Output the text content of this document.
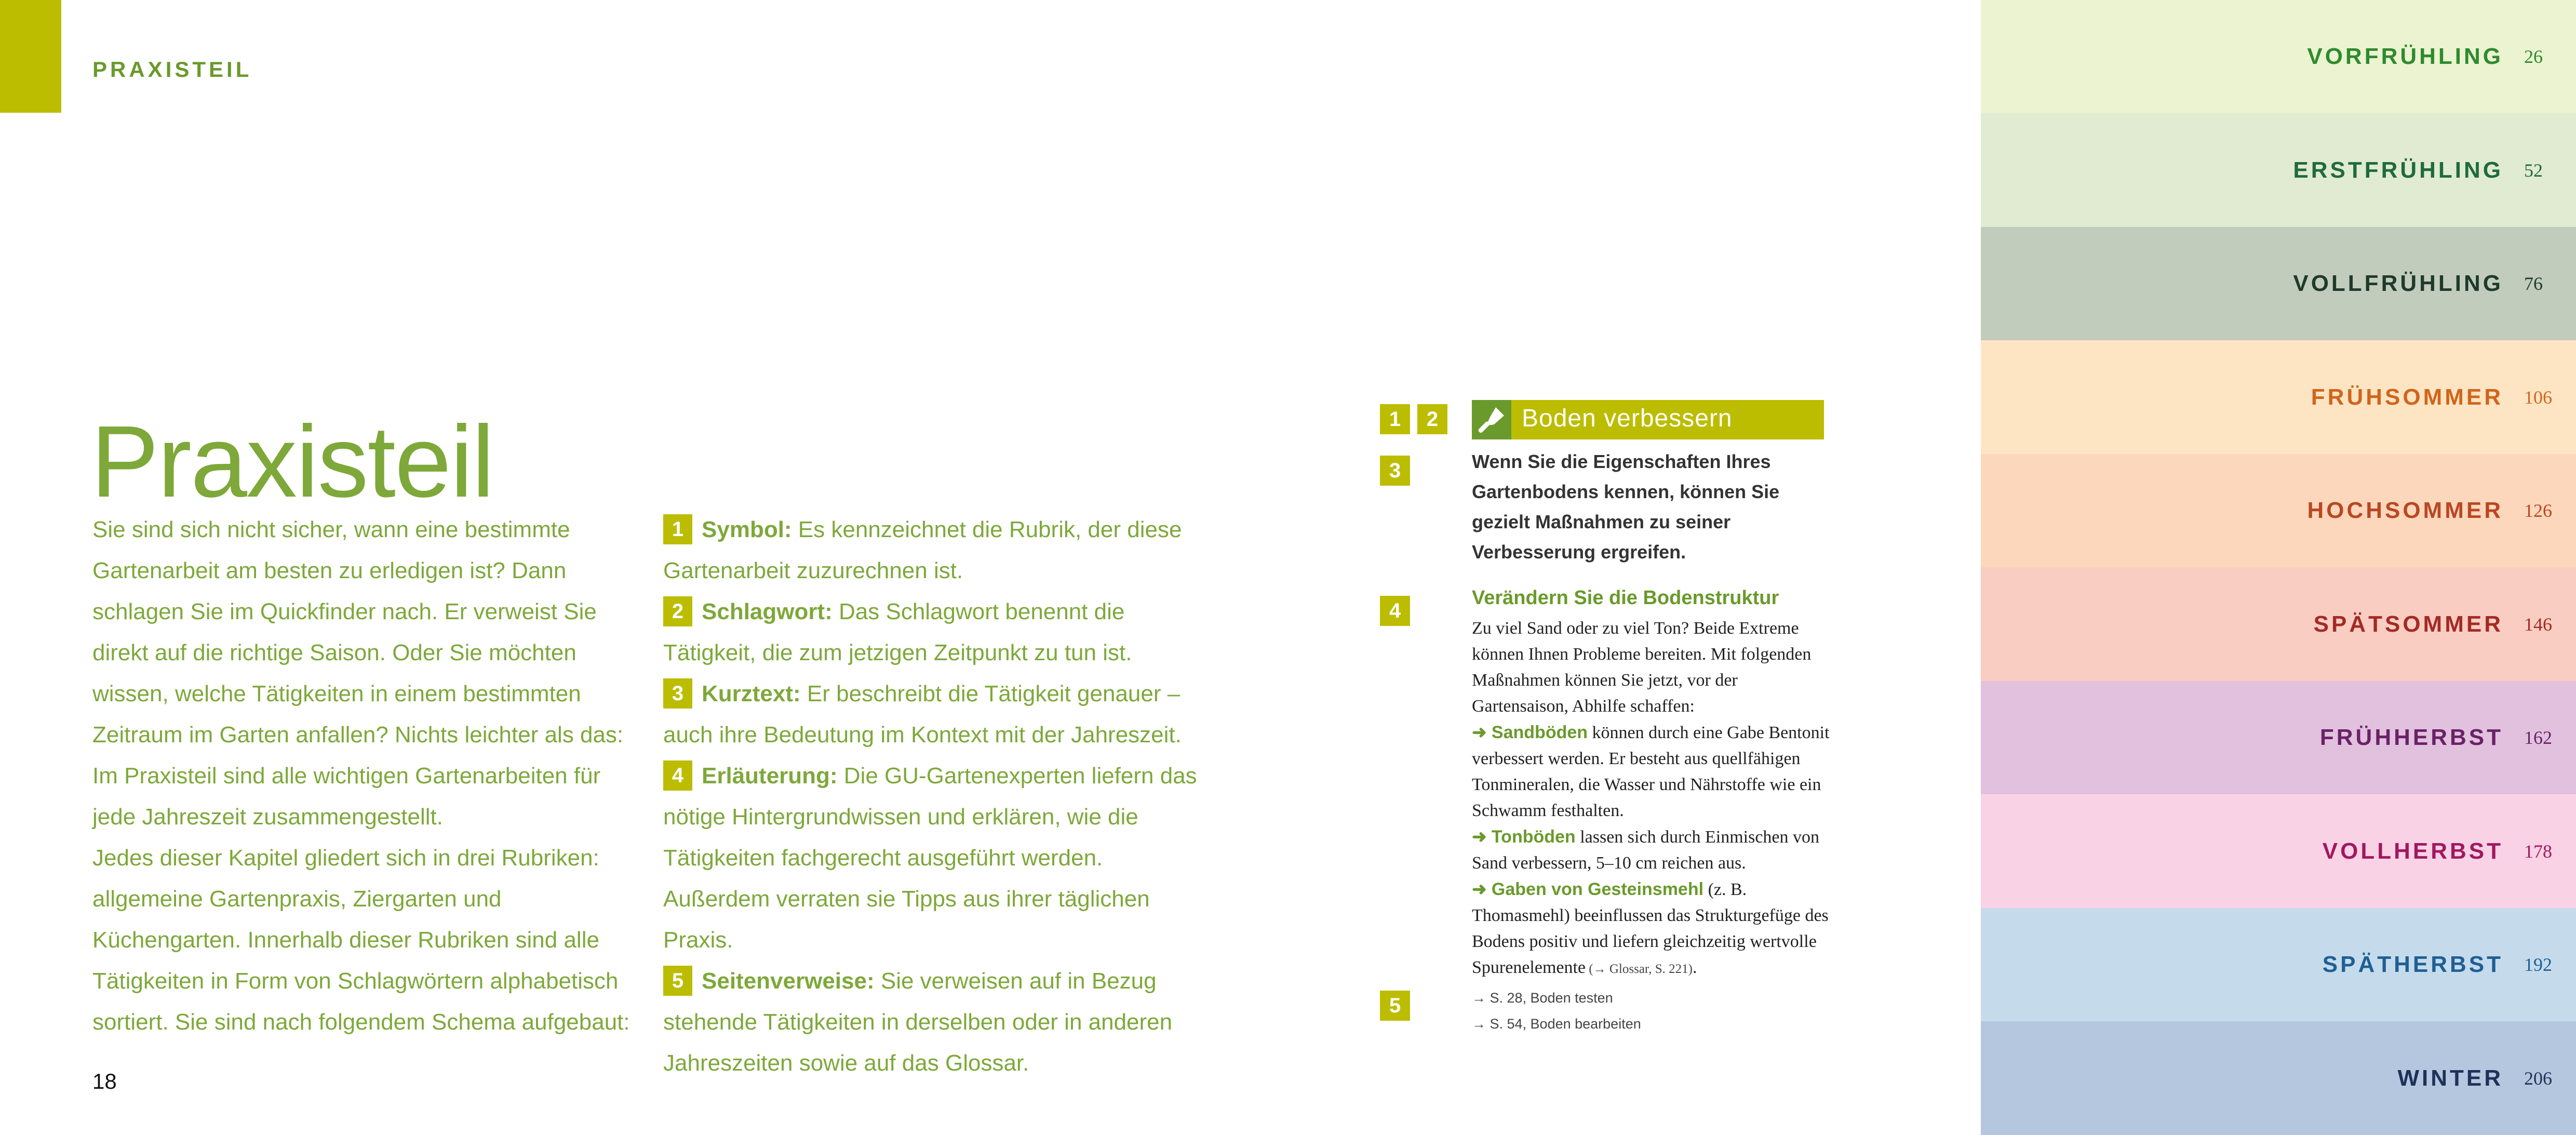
PRAXISTEIL
Praxisteil

Sie sind sich nicht sicher, wann eine bestimmte Gartenarbeit am besten zu erledigen ist? Dann schlagen Sie im Quickfinder nach. Er verweist Sie direkt auf die richtige Saison. Oder Sie möchten wissen, welche Tätigkeiten in einem bestimmten Zeitraum im Garten anfallen? Nichts leichter als das: Im Praxisteil sind alle wichtigen Gartenarbeiten für jede Jahreszeit zusammengestellt.

Jedes dieser Kapitel gliedert sich in drei Rubriken: allgemeine Gartenpraxis, Ziergarten und Küchengarten. Innerhalb dieser Rubriken sind alle Tätigkeiten in Form von Schlagwörtern alphabetisch sortiert. Sie sind nach folgendem Schema aufgebaut:

1 Symbol: Es kennzeichnet die Rubrik, der diese Gartenarbeit zuzurechnen ist.

2 Schlagwort: Das Schlagwort benennt die Tätigkeit, die zum jetzigen Zeitpunkt zu tun ist.

3 Kurztext: Er beschreibt die Tätigkeit genauer – auch ihre Bedeutung im Kontext mit der Jahreszeit.

4 Erläuterung: Die GU-Gartenexperten liefern das nötige Hintergrundwissen und erklären, wie die Tätigkeiten fachgerecht ausgeführt werden. Außerdem verraten sie Tipps aus ihrer täglichen Praxis.

5 Seitenverweise: Sie verweisen auf in Bezug stehende Tätigkeiten in derselben oder in anderen Jahreszeiten sowie auf das Glossar.

1	2
3
4
5
Boden verbessern
Wenn Sie die Eigenschaften Ihres Gartenbodens kennen, können Sie gezielt Maßnahmen zu seiner Verbesserung ergreifen.
Verändern Sie die Bodenstruktur

Zu viel Sand oder zu viel Ton? Beide Extreme können Ihnen Probleme bereiten. Mit folgenden Maßnahmen können Sie jetzt, vor der Gartensaison, Abhilfe schaffen:

➜ Sandböden können durch eine Gabe Bentonit verbessert werden. Er besteht aus quellfähigen Tonmineralen, die Wasser und Nährstoffe wie ein Schwamm festhalten.

➜ Tonböden lassen sich durch Einmischen von Sand verbessern, 5–10 cm reichen aus.

➜ Gaben von Gesteinsmehl (z. B. Thomasmehl) beeinflussen das Strukturgefüge des Bodens positiv und liefern gleichzeitig wertvolle Spurenelemente (→ Glossar, S. 221).

→ S. 28, Boden testen
→ S. 54, Boden bearbeiten
18
VORFRÜHLING 26
ERSTFRÜHLING 52
VOLLFRÜHLING 76
FRÜHSOMMER 106
HOCHSOMMER 126
SPÄTSOMMER 146
FRÜHHERBST 162
VOLLHERBST 178
SPÄTHERBST 192
WINTER 206
